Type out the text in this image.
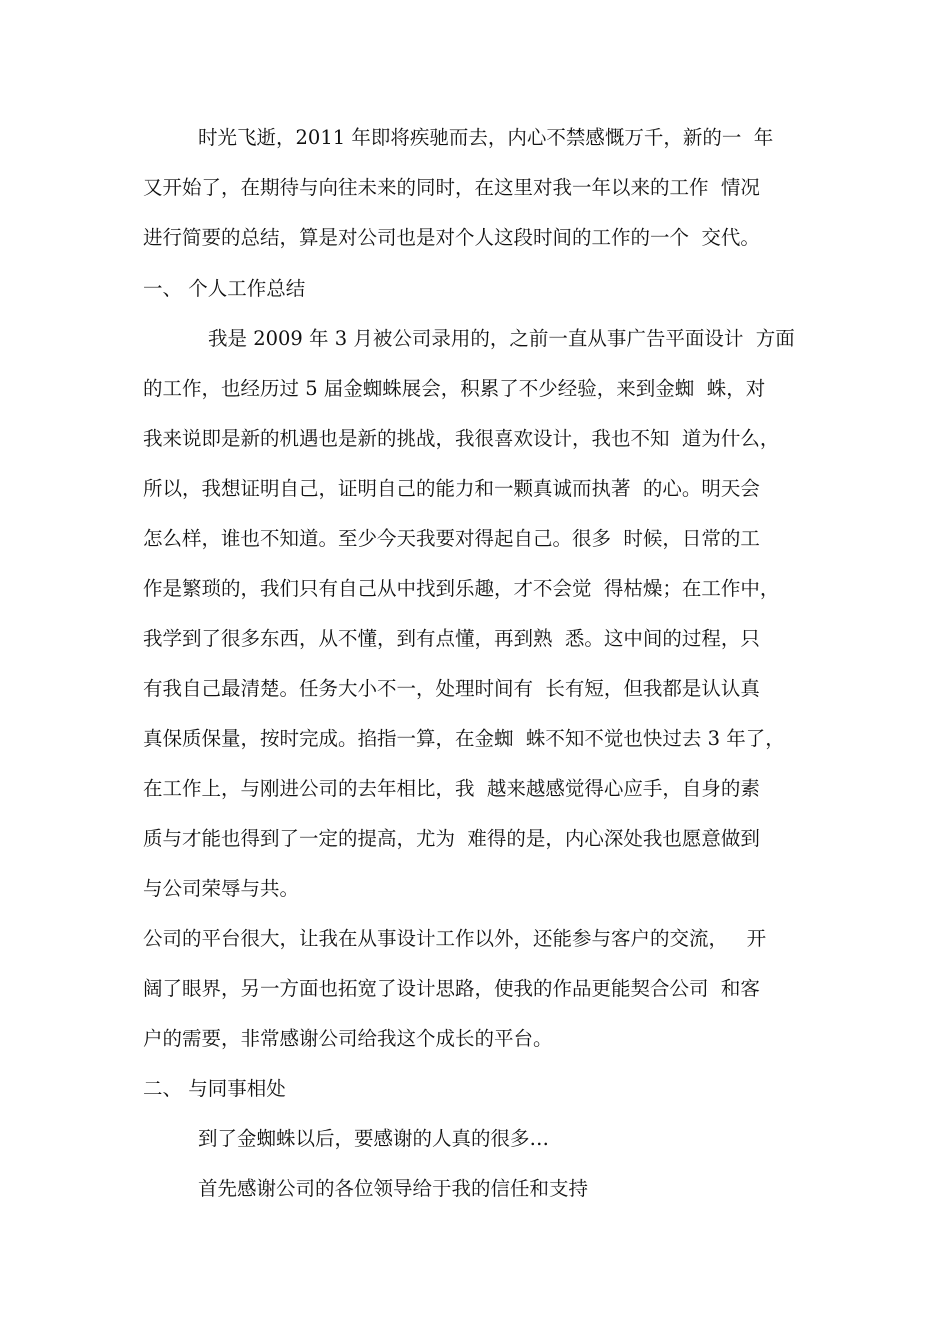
时光飞逝，2011 年即将疾驰而去，内心不禁感慨万千，新的一  年
又开始了，在期待与向往未来的同时，在这里对我一年以来的工作  情况
进行简要的总结，算是对公司也是对个人这段时间的工作的一个  交代。
一、 个人工作总结
我是 2009 年 3 月被公司录用的，之前一直从事广告平面设计  方面
的工作，也经历过 5 届金蜘蛛展会，积累了不少经验，来到金蜘  蛛，对
我来说即是新的机遇也是新的挑战，我很喜欢设计，我也不知  道为什么，
所以，我想证明自己，证明自己的能力和一颗真诚而执著  的心。明天会
怎么样，谁也不知道。至少今天我要对得起自己。很多  时候，日常的工
作是繁琐的，我们只有自己从中找到乐趣，才不会觉  得枯燥；在工作中，
我学到了很多东西，从不懂，到有点懂，再到熟  悉。这中间的过程，只
有我自己最清楚。任务大小不一，处理时间有  长有短，但我都是认认真
真保质保量，按时完成。掐指一算，在金蜘  蛛不知不觉也快过去 3 年了，
在工作上，与刚进公司的去年相比，我  越来越感觉得心应手，自身的素
质与才能也得到了一定的提高，尤为  难得的是，内心深处我也愿意做到
与公司荣辱与共。
公司的平台很大，让我在从事设计工作以外，还能参与客户的交流，   开
阔了眼界，另一方面也拓宽了设计思路，使我的作品更能契合公司  和客
户的需要，非常感谢公司给我这个成长的平台。
二、 与同事相处
到了金蜘蛛以后，要感谢的人真的很多…
首先感谢公司的各位领导给于我的信任和支持
